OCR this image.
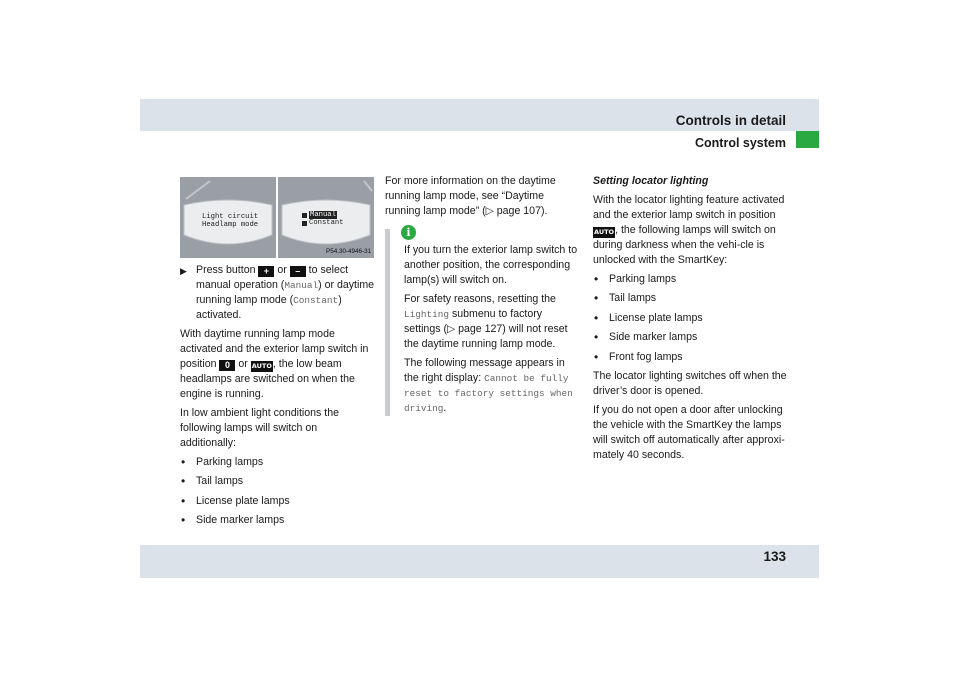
Controls in detail
Control system
Light circuit
Headlamp mode
Manual
Constant
P54.30-4946-31
▶ Press button + or – to select manual operation (Manual) or daytime running lamp mode (Constant) activated.

With daytime running lamp mode activated and the exterior lamp switch in position 0 or AUTO, the low beam headlamps are switched on when the engine is running.

In low ambient light conditions the following lamps will switch on additionally:

• Parking lamps
• Tail lamps
• License plate lamps
• Side marker lamps

For more information on the daytime running lamp mode, see “Daytime running lamp mode” (▷ page 107).

i

If you turn the exterior lamp switch to another position, the corresponding lamp(s) will switch on.

For safety reasons, resetting the Lighting submenu to factory settings (▷ page 127) will not reset the daytime running lamp mode.

The following message appears in the right display: Cannot be fully reset to factory settings when driving.

Setting locator lighting

With the locator lighting feature activated and the exterior lamp switch in position AUTO, the following lamps will switch on during darkness when the vehi-cle is unlocked with the SmartKey:

• Parking lamps
• Tail lamps
• License plate lamps
• Side marker lamps
• Front fog lamps

The locator lighting switches off when the driver’s door is opened.

If you do not open a door after unlocking the vehicle with the SmartKey the lamps will switch off automatically after approxi-mately 40 seconds.

133
